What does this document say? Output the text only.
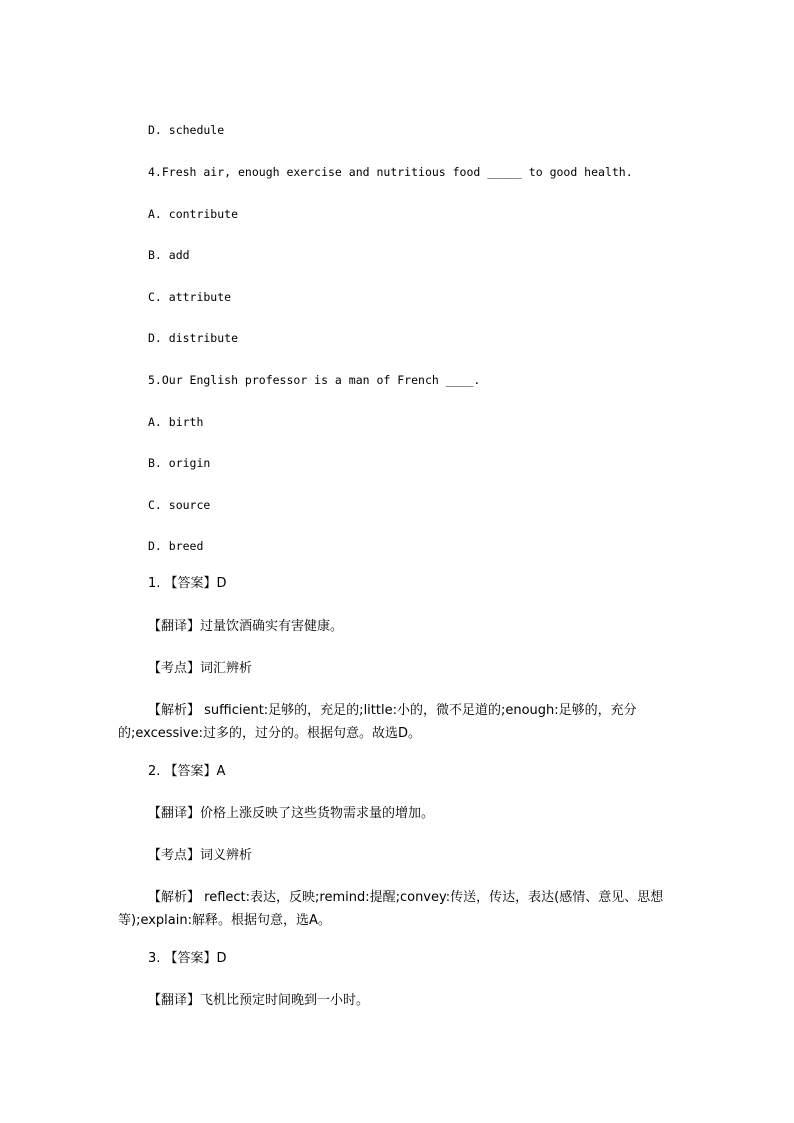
D. schedule
4.Fresh air, enough exercise and nutritious food _____ to good health.
A. contribute
B. add
C. attribute
D. distribute
5.Our English professor is a man of French ____.
A. birth
B. origin
C. source
D. breed
1. 【答案】D
【翻译】过量饮酒确实有害健康。
【考点】词汇辨析
【解析】 sufficient:足够的，充足的;little:小的，微不足道的;enough:足够的，充分的;excessive:过多的，过分的。根据句意。故选D。
2. 【答案】A
【翻译】价格上涨反映了这些货物需求量的增加。
【考点】词义辨析
【解析】 reflect:表达，反映;remind:提醒;convey:传送，传达，表达(感情、意见、思想等);explain:解释。根据句意，选A。
3. 【答案】D
【翻译】飞机比预定时间晚到一小时。
